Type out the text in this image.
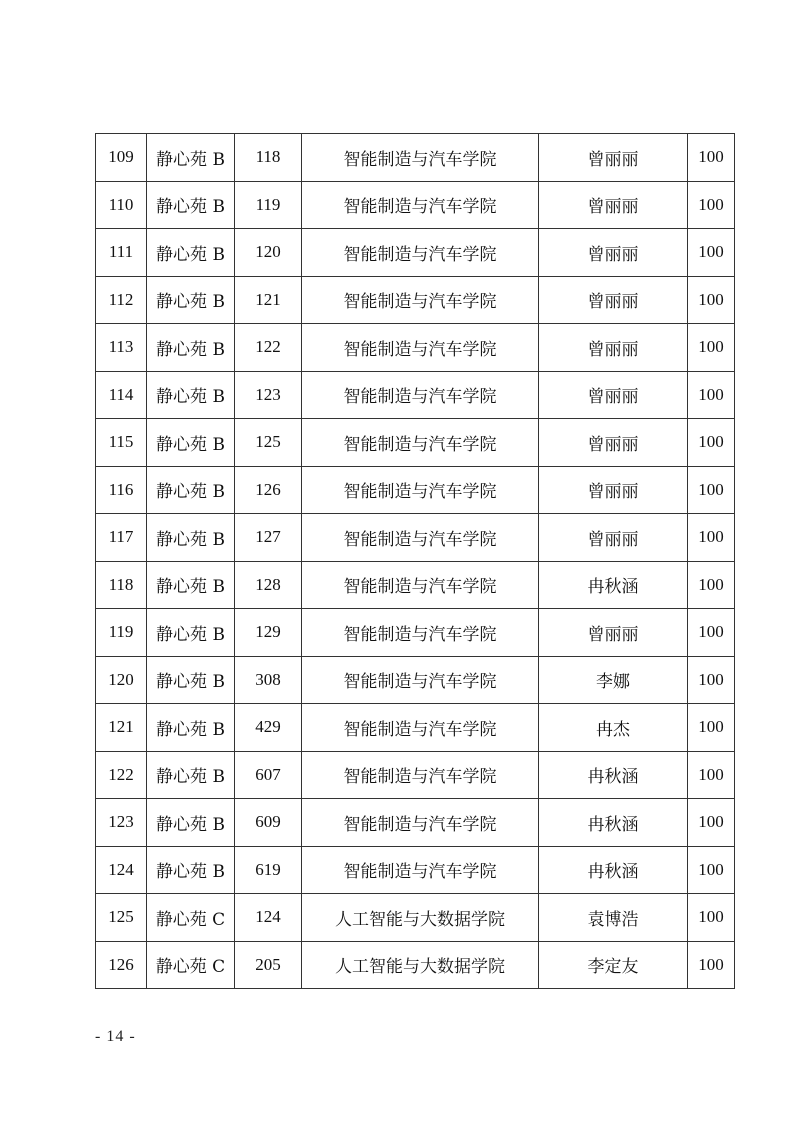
109	静心苑 B	118	智能制造与汽车学院	曾丽丽	100
110	静心苑 B	119	智能制造与汽车学院	曾丽丽	100
111	静心苑 B	120	智能制造与汽车学院	曾丽丽	100
112	静心苑 B	121	智能制造与汽车学院	曾丽丽	100
113	静心苑 B	122	智能制造与汽车学院	曾丽丽	100
114	静心苑 B	123	智能制造与汽车学院	曾丽丽	100
115	静心苑 B	125	智能制造与汽车学院	曾丽丽	100
116	静心苑 B	126	智能制造与汽车学院	曾丽丽	100
117	静心苑 B	127	智能制造与汽车学院	曾丽丽	100
118	静心苑 B	128	智能制造与汽车学院	冉秋涵	100
119	静心苑 B	129	智能制造与汽车学院	曾丽丽	100
120	静心苑 B	308	智能制造与汽车学院	李娜	100
121	静心苑 B	429	智能制造与汽车学院	冉杰	100
122	静心苑 B	607	智能制造与汽车学院	冉秋涵	100
123	静心苑 B	609	智能制造与汽车学院	冉秋涵	100
124	静心苑 B	619	智能制造与汽车学院	冉秋涵	100
125	静心苑 C	124	人工智能与大数据学院	袁博浩	100
126	静心苑 C	205	人工智能与大数据学院	李定友	100
- 14 -
